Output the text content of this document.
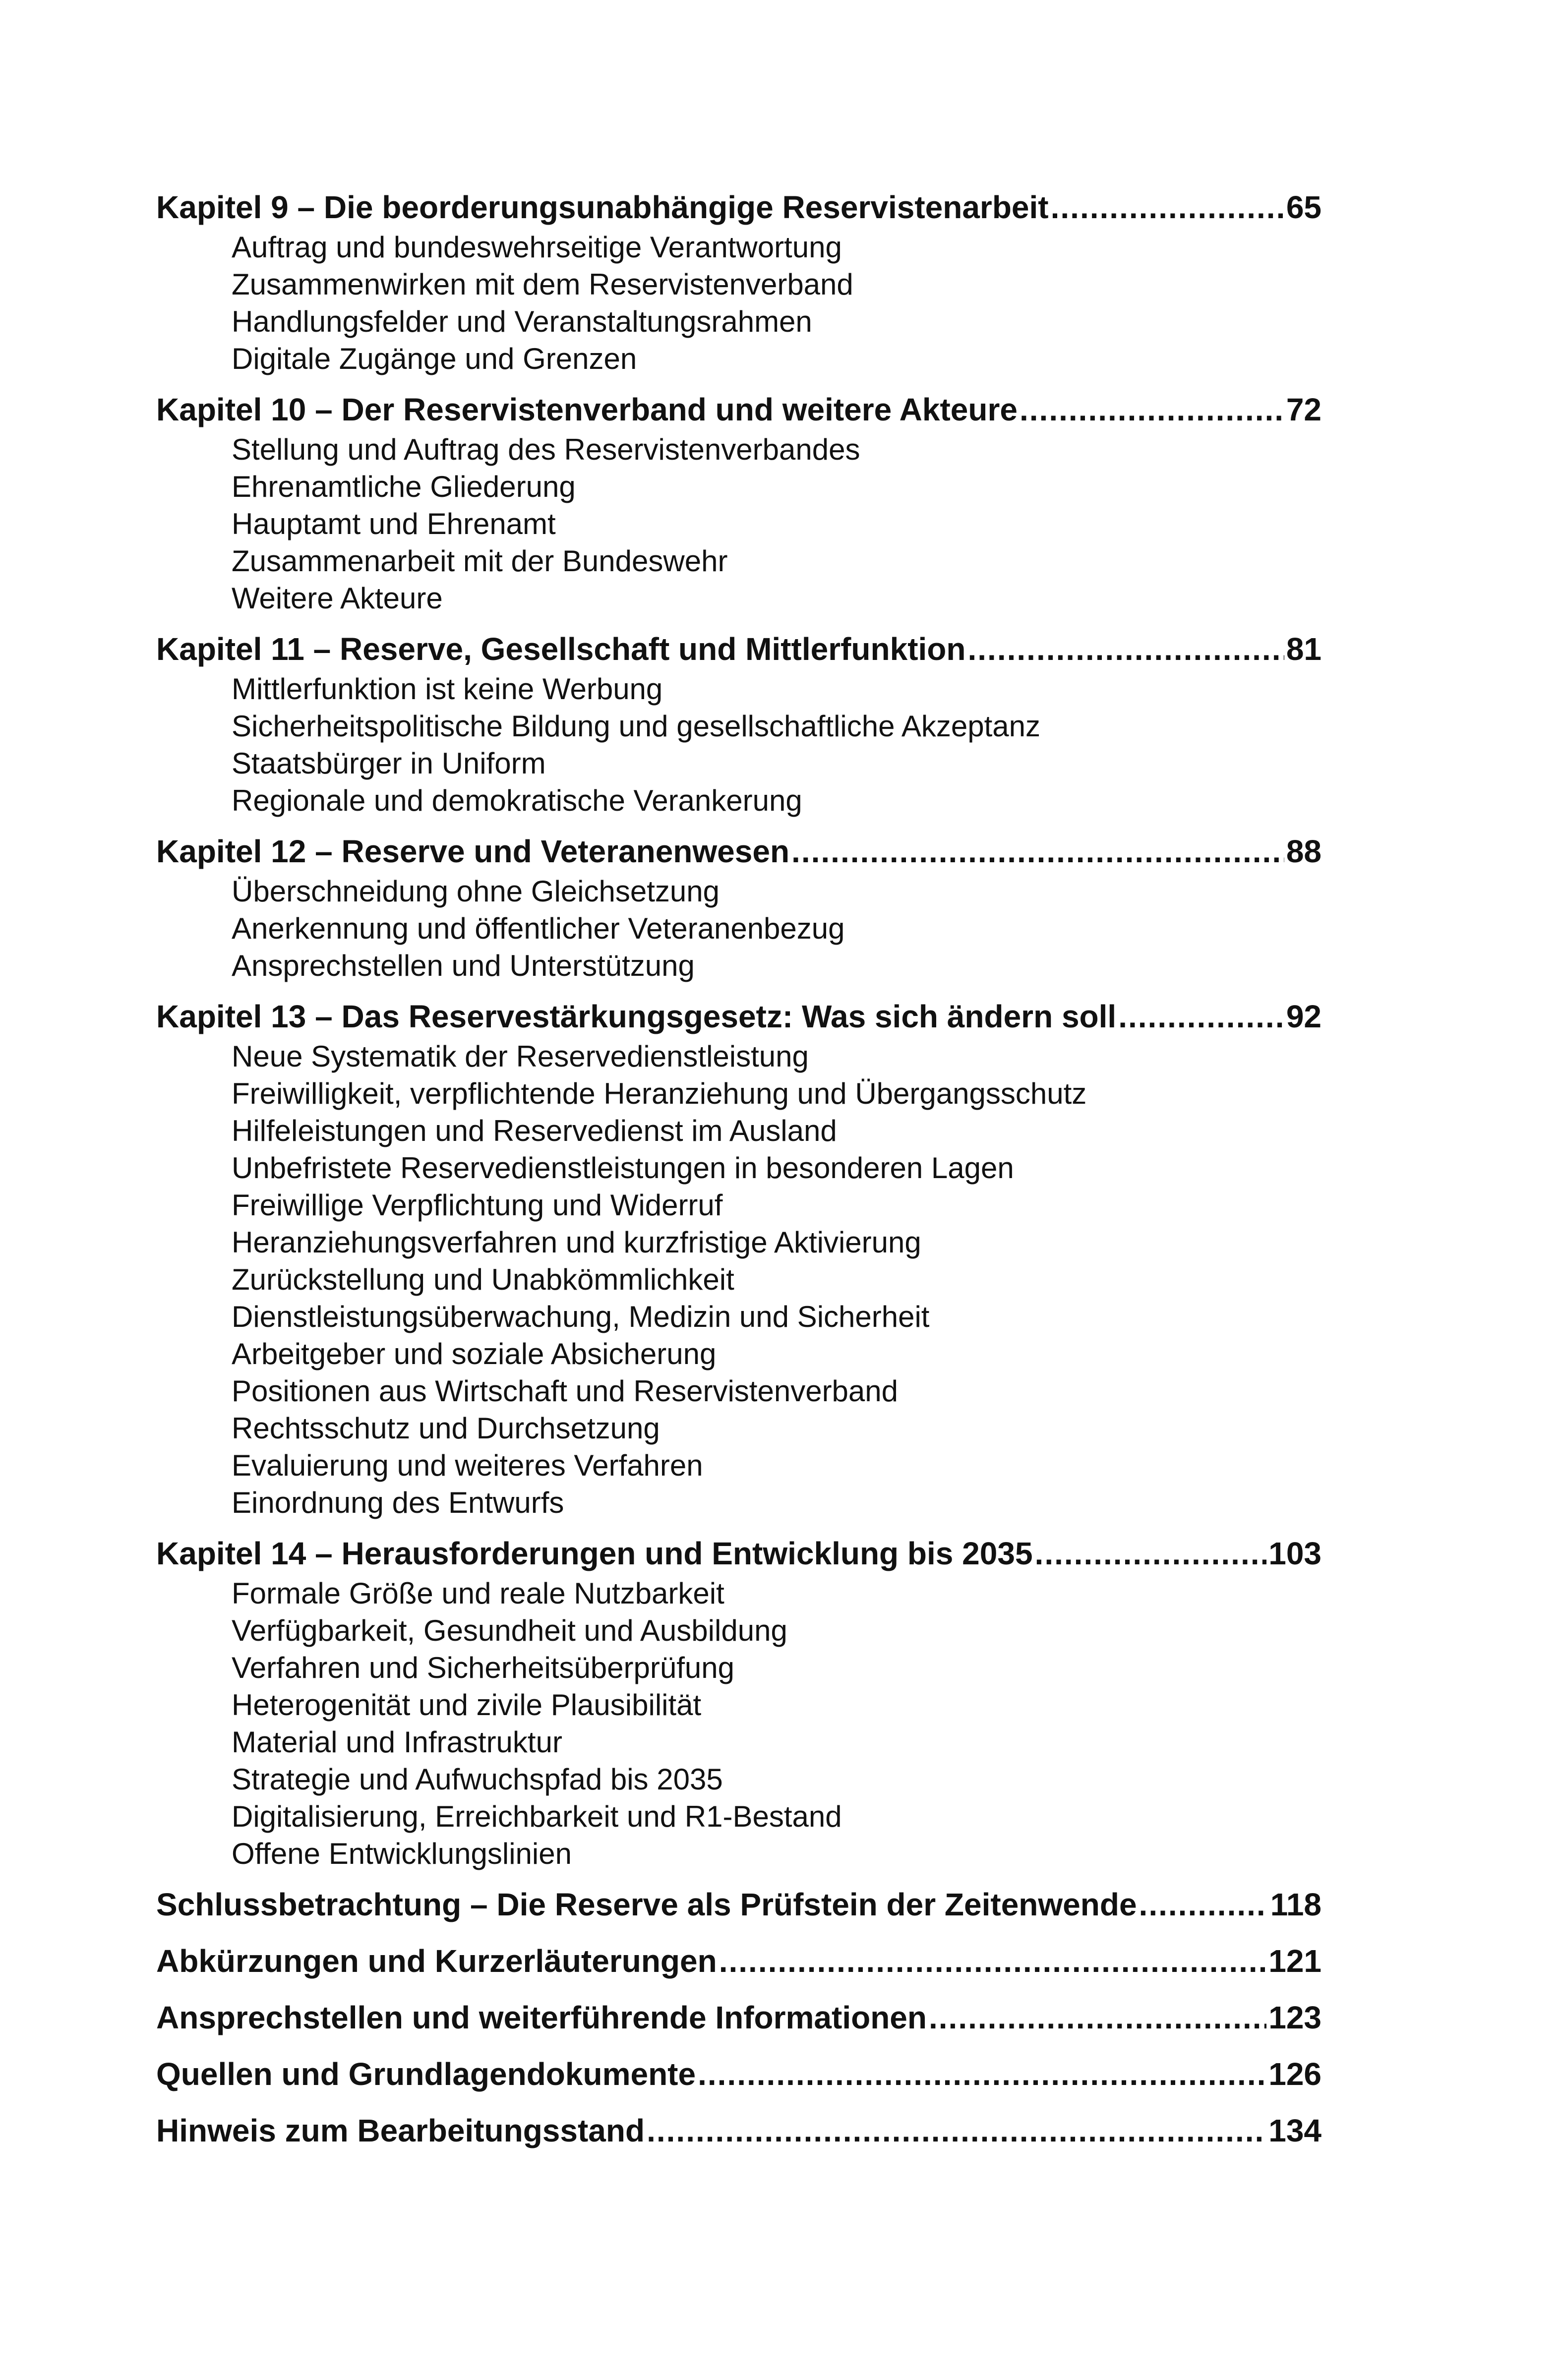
Kapitel 9 – Die beorderungsunabhängige Reservistenarbeit .....	65
Auftrag und bundeswehrseitige Verantwortung
Zusammenwirken mit dem Reservistenverband
Handlungsfelder und Veranstaltungsrahmen
Digitale Zugänge und Grenzen
Kapitel 10 – Der Reservistenverband und weitere Akteure .....	72
Stellung und Auftrag des Reservistenverbandes
Ehrenamtliche Gliederung
Hauptamt und Ehrenamt
Zusammenarbeit mit der Bundeswehr
Weitere Akteure
Kapitel 11 – Reserve, Gesellschaft und Mittlerfunktion .....	81
Mittlerfunktion ist keine Werbung
Sicherheitspolitische Bildung und gesellschaftliche Akzeptanz
Staatsbürger in Uniform
Regionale und demokratische Verankerung
Kapitel 12 – Reserve und Veteranenwesen .....	88
Überschneidung ohne Gleichsetzung
Anerkennung und öffentlicher Veteranenbezug
Ansprechstellen und Unterstützung
Kapitel 13 – Das Reservestärkungsgesetz: Was sich ändern soll .....	92
Neue Systematik der Reservedienstleistung
Freiwilligkeit, verpflichtende Heranziehung und Übergangsschutz
Hilfeleistungen und Reservedienst im Ausland
Unbefristete Reservedienstleistungen in besonderen Lagen
Freiwillige Verpflichtung und Widerruf
Heranziehungsverfahren und kurzfristige Aktivierung
Zurückstellung und Unabkömmlichkeit
Dienstleistungsüberwachung, Medizin und Sicherheit
Arbeitgeber und soziale Absicherung
Positionen aus Wirtschaft und Reservistenverband
Rechtsschutz und Durchsetzung
Evaluierung und weiteres Verfahren
Einordnung des Entwurfs
Kapitel 14 – Herausforderungen und Entwicklung bis 2035 .....	103
Formale Größe und reale Nutzbarkeit
Verfügbarkeit, Gesundheit und Ausbildung
Verfahren und Sicherheitsüberprüfung
Heterogenität und zivile Plausibilität
Material und Infrastruktur
Strategie und Aufwuchspfad bis 2035
Digitalisierung, Erreichbarkeit und R1-Bestand
Offene Entwicklungslinien
Schlussbetrachtung – Die Reserve als Prüfstein der Zeitenwende .....	118
Abkürzungen und Kurzerläuterungen .....	121
Ansprechstellen und weiterführende Informationen .....	123
Quellen und Grundlagendokumente .....	126
Hinweis zum Bearbeitungsstand .....	134
